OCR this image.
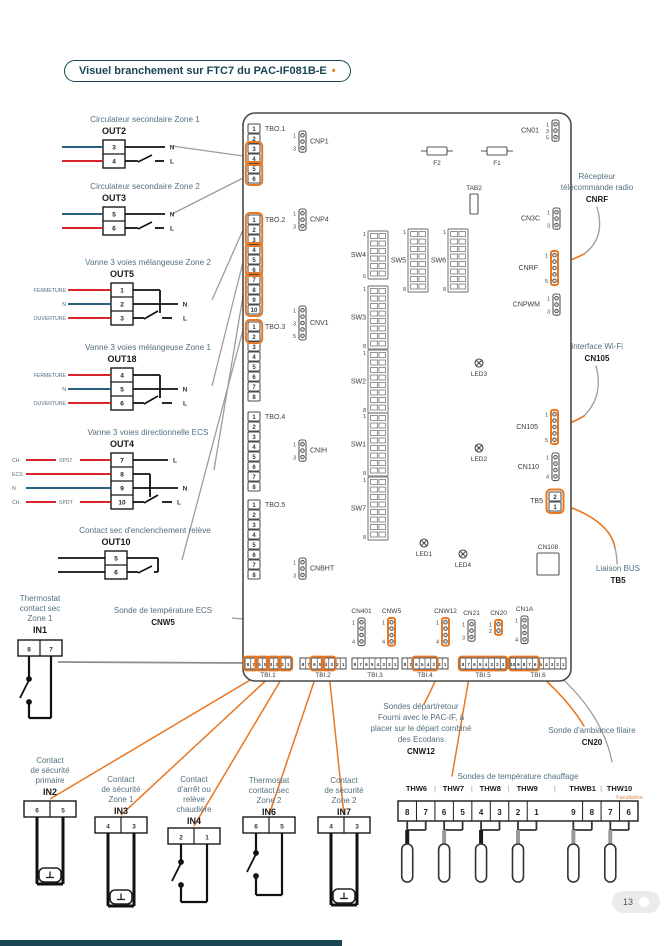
Visuel branchement sur FTC7 du PAC-IF081B-E •
1
2
3
4
5
6
TBO.1
1
2
3
4
5
6
7
8
9
10
TBO.2
1
2
3
4
5
6
7
8
TBO.3
1
2
3
4
5
6
7
8
TBO.4
1
2
3
4
5
6
7
8
TBO.5
8 7 6 5 4 3 2 1
TBI.1
8 7 6 5 4 3 2 1
TBI.2
8 7 6 5 4 3 2 1
TBI.3
8 7 6 5 4 3 2 1
TBI.4
8 7 6 5 4 3 2 1
TBI.5
10 9 8 7 6 5 4 3 2 1
TBI.6
1
3
CNP1
1
3
CNP4
1
3
5
CNV1
1
3
CNIH
1
3
CNBHT
1
3
5
CN01
1
3
CN3C
1
5
CNRF
1
3
CNPWM
1
5
CN105
1
4
CN110
1
4
CN401
1
4
CNW5
1
4
CNW12
1
3
CN21
1
2
CN20
1
4
CN1A
1
6
SW4
1
8
SW5
1
8
SW6
1
8
SW3
1
8
SW2
1
8
SW1
1
8
SW7
LED1
LED2
LED3
LED4
F2	F1
TAB2
CN108
2
1
TB5
Circulateur secondaire Zone 1
OUT2
3
4
N
L
Circulateur secondaire Zone 2
OUT3
5
6
N
L
Vanne 3 voies mélangeuse Zone 2
OUT5
1
2
3
FERMETURE
N
OUVERTURE
N
L
Vanne 3 voies mélangeuse Zone 1
OUT18
4
5
6
FERMETURE
N
OUVERTURE
N
L
Vanne 3 voies directionnelle ECS
OUT4
7
8
9
10
CH.	SPST
ECS
N
CH.	SPDT
L
N
L
Contact sec d'enclenchement relève
OUT10
5
6
Thermostat
contact sec
Zone 1
IN1
8	7
Contact
de sécurité
primaire
IN2
6	5
Contact
de sécurité
Zone 1
IN3
4	3
Contact
d'arrêt ou
relève
chaudière
IN4
2	1
Thermostat
contact sec
Zone 2
IN6
6	5
Contact
de sécurité
Zone 2
IN7
4	3
Sondes de température chauffage
THW6 THW7 THW8 THW9	THWB1 THW10
Facultative
|	|	|	|	|
8 7 6 5 4 3 2 1	9 8 7 6
Récepteur
télécommande radio
CNRF
Interface Wi-Fi
CN105
Liaison BUS
TB5
Sonde d'ambiance filaire
CN20
Sondes départ/retour
Fourni avec le PAC-IF, à
placer sur le départ combiné
des Ecodans
CNW12
Sonde de température ECS
CNW5
13
